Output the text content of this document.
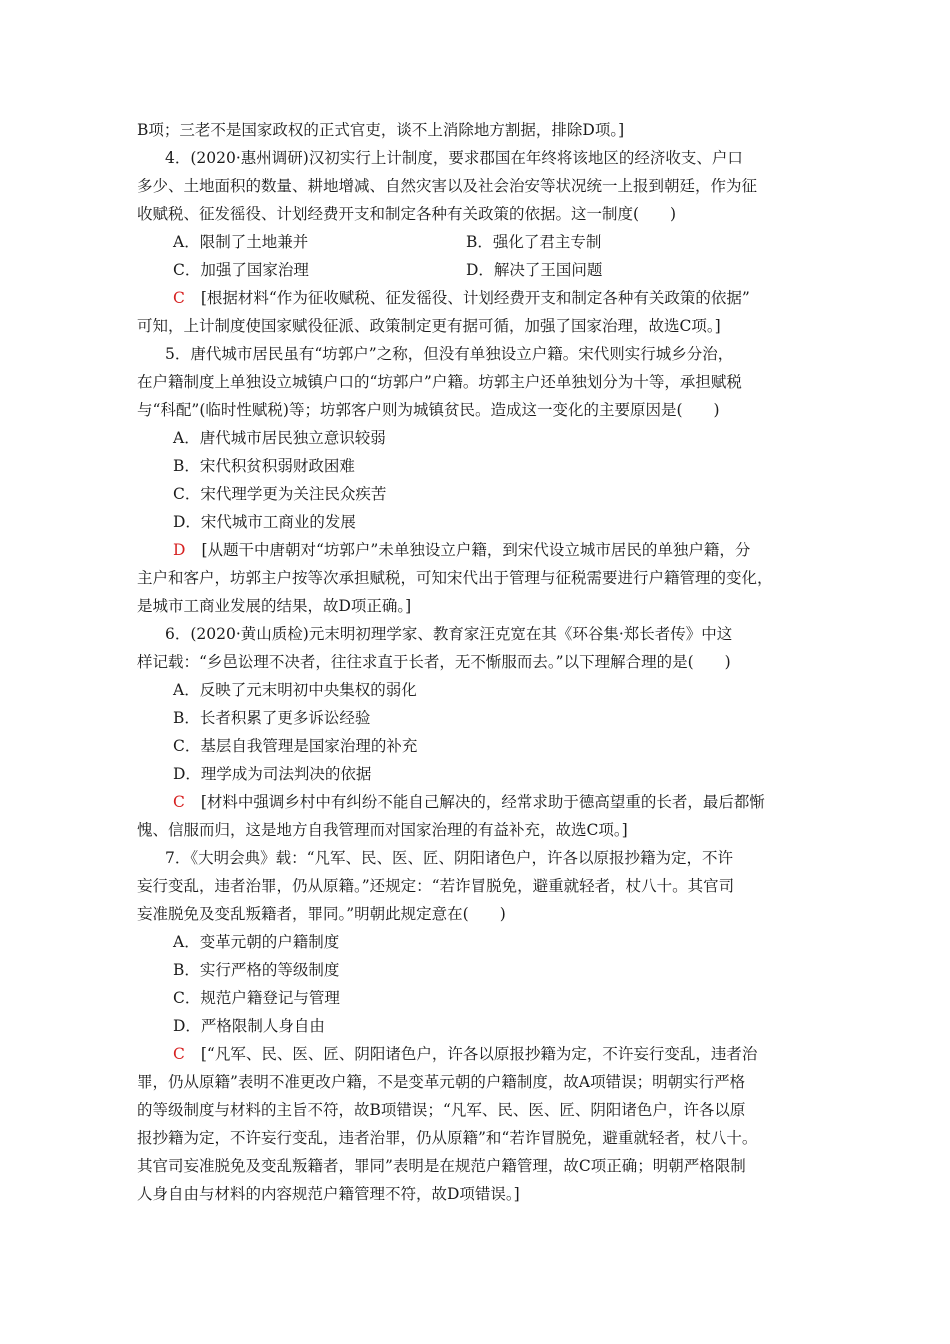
B项；三老不是国家政权的正式官吏，谈不上消除地方割据，排除D项。]
4．(2020·惠州调研)汉初实行上计制度，要求郡国在年终将该地区的经济收支、户口
多少、土地面积的数量、耕地增减、自然灾害以及社会治安等状况统一上报到朝廷，作为征
收赋税、征发徭役、计划经费开支和制定各种有关政策的依据。这一制度(　　)
A．限制了土地兼并	B．强化了君主专制
C．加强了国家治理	D．解决了王国问题
C [根据材料“作为征收赋税、征发徭役、计划经费开支和制定各种有关政策的依据”
可知，上计制度使国家赋役征派、政策制定更有据可循，加强了国家治理，故选C项。]
5．唐代城市居民虽有“坊郭户”之称，但没有单独设立户籍。宋代则实行城乡分治，
在户籍制度上单独设立城镇户口的“坊郭户”户籍。坊郭主户还单独划分为十等，承担赋税
与“科配”(临时性赋税)等；坊郭客户则为城镇贫民。造成这一变化的主要原因是(　　)
A．唐代城市居民独立意识较弱
B．宋代积贫积弱财政困难
C．宋代理学更为关注民众疾苦
D．宋代城市工商业的发展
D [从题干中唐朝对“坊郭户”未单独设立户籍，到宋代设立城市居民的单独户籍，分
主户和客户，坊郭主户按等次承担赋税，可知宋代出于管理与征税需要进行户籍管理的变化，
是城市工商业发展的结果，故D项正确。]
6．(2020·黄山质检)元末明初理学家、教育家汪克宽在其《环谷集·郑长者传》中这
样记载：“乡邑讼理不决者，往往求直于长者，无不惭服而去。”以下理解合理的是(　　)
A．反映了元末明初中央集权的弱化
B．长者积累了更多诉讼经验
C．基层自我管理是国家治理的补充
D．理学成为司法判决的依据
C [材料中强调乡村中有纠纷不能自己解决的，经常求助于德高望重的长者，最后都惭
愧、信服而归，这是地方自我管理而对国家治理的有益补充，故选C项。]
7．《大明会典》载：“凡军、民、医、匠、阴阳诸色户，许各以原报抄籍为定，不许
妄行变乱，违者治罪，仍从原籍。”还规定：“若诈冒脱免，避重就轻者，杖八十。其官司
妄准脱免及变乱叛籍者，罪同。”明朝此规定意在(　　)
A．变革元朝的户籍制度
B．实行严格的等级制度
C．规范户籍登记与管理
D．严格限制人身自由
C [“凡军、民、医、匠、阴阳诸色户，许各以原报抄籍为定，不许妄行变乱，违者治
罪，仍从原籍”表明不准更改户籍，不是变革元朝的户籍制度，故A项错误；明朝实行严格
的等级制度与材料的主旨不符，故B项错误；“凡军、民、医、匠、阴阳诸色户，许各以原
报抄籍为定，不许妄行变乱，违者治罪，仍从原籍”和“若诈冒脱免，避重就轻者，杖八十。
其官司妄准脱免及变乱叛籍者，罪同”表明是在规范户籍管理，故C项正确；明朝严格限制
人身自由与材料的内容规范户籍管理不符，故D项错误。]
